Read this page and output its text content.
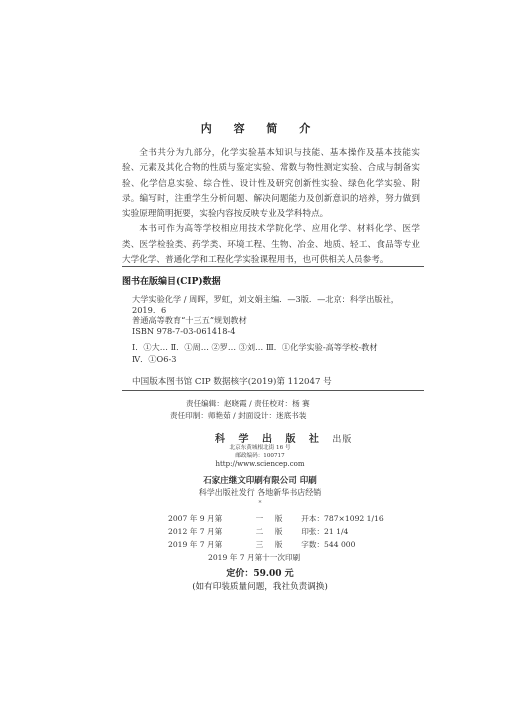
内 容 简 介

全书共分为九部分，化学实验基本知识与技能、基本操作及基本技能实验、元素及其化合物的性质与鉴定实验、常数与物性测定实验、合成与制备实验、化学信息实验、综合性、设计性及研究创新性实验、绿色化学实验、附录。编写时，注重学生分析问题、解决问题能力及创新意识的培养，努力做到实验原理简明扼要，实验内容按反映专业及学科特点。

本书可作为高等学校相应用技术学院化学、应用化学、材料化学、医学类、医学检验类、药学类、环境工程、生物、冶金、地质、轻工、食品等专业大学化学、普通化学和工程化学实验课程用书，也可供相关人员参考。

图书在版编目(CIP)数据
大学实验化学 / 周晖，罗虹，刘文娟主编．—3版．—北京：科学出版社，
2019．6
普通高等教育“十三五”规划教材
ISBN 978-7-03-061418-4
Ⅰ．①大… Ⅱ．①周… ②罗… ③刘… Ⅲ．①化学实验-高等学校-教材
Ⅳ．①O6-3
中国版本图书馆 CIP 数据核字(2019)第 112047 号
责任编辑：赵晓霞 / 责任校对：杨 赛
责任印制：师艳茹 / 封面设计：迷底书装
科 学 出 版 社 出版
北京东黄城根北街 16 号
邮政编码：100717
http://www.sciencep.com
石家庄继文印刷有限公司 印刷
科学出版社发行 各地新华书店经销
*
2007 年 9 月第	一 版 开本：787×1092 1/16
2012 年 7 月第	二 版 印张：21 1/4
2019 年 7 月第	三 版 字数：544 000
2019 年 7 月第十一次印刷
定价：59.00 元
(如有印装质量问题，我社负责调换)
